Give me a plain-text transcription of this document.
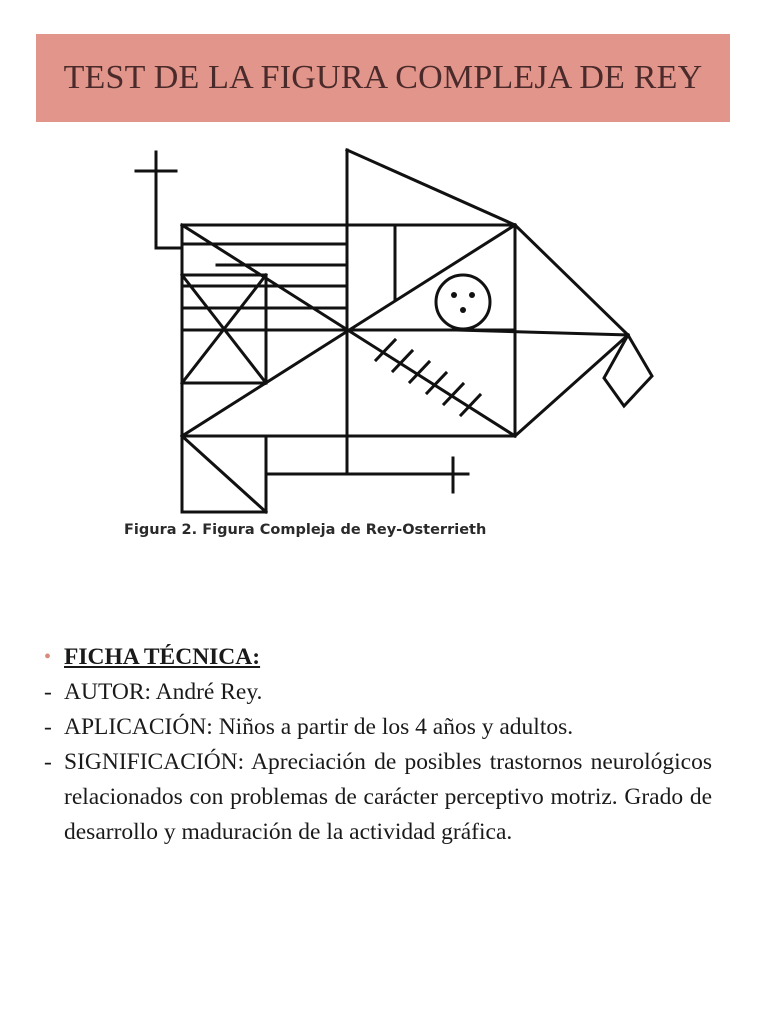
TEST DE LA FIGURA COMPLEJA DE REY
Figura 2. Figura Compleja de Rey-Osterrieth
• FICHA TÉCNICA:
- AUTOR: André Rey.
- APLICACIÓN: Niños a partir de los 4 años y adultos.
- SIGNIFICACIÓN: Apreciación de posibles trastornos neurológicos relacionados con problemas de carácter perceptivo motriz. Grado de desarrollo y maduración de la actividad gráfica.
